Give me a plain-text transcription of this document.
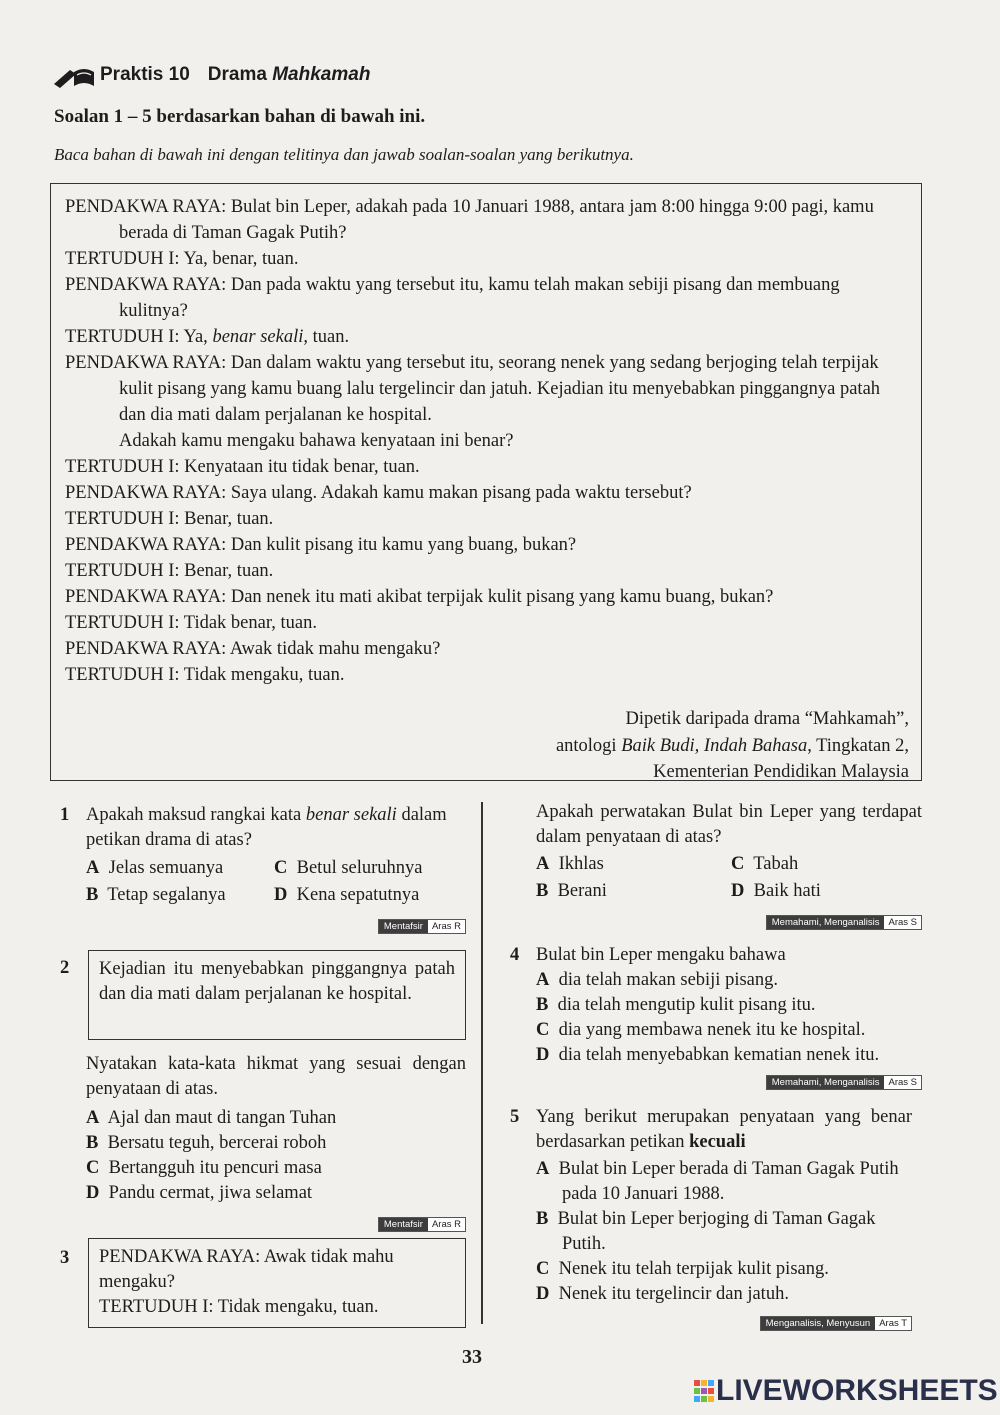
Praktis 10 Drama Mahkamah
Soalan 1 – 5 berdasarkan bahan di bawah ini.
Baca bahan di bawah ini dengan telitinya dan jawab soalan-soalan yang berikutnya.
PENDAKWA RAYA: Bulat bin Leper, adakah pada 10 Januari 1988, antara jam 8:00 hingga 9:00 pagi, kamu berada di Taman Gagak Putih?
TERTUDUH I: Ya, benar, tuan.
PENDAKWA RAYA: Dan pada waktu yang tersebut itu, kamu telah makan sebiji pisang dan membuang kulitnya?
TERTUDUH I: Ya, benar sekali, tuan.
PENDAKWA RAYA: Dan dalam waktu yang tersebut itu, seorang nenek yang sedang berjoging telah terpijak kulit pisang yang kamu buang lalu tergelincir dan jatuh. Kejadian itu menyebabkan pinggangnya patah dan dia mati dalam perjalanan ke hospital.
Adakah kamu mengaku bahawa kenyataan ini benar?
TERTUDUH I: Kenyataan itu tidak benar, tuan.
PENDAKWA RAYA: Saya ulang. Adakah kamu makan pisang pada waktu tersebut?
TERTUDUH I: Benar, tuan.
PENDAKWA RAYA: Dan kulit pisang itu kamu yang buang, bukan?
TERTUDUH I: Benar, tuan.
PENDAKWA RAYA: Dan nenek itu mati akibat terpijak kulit pisang yang kamu buang, bukan?
TERTUDUH I: Tidak benar, tuan.
PENDAKWA RAYA: Awak tidak mahu mengaku?
TERTUDUH I: Tidak mengaku, tuan.
Dipetik daripada drama “Mahkamah”,
antologi Baik Budi, Indah Bahasa, Tingkatan 2,
Kementerian Pendidikan Malaysia
1 Apakah maksud rangkai kata benar sekali dalam petikan drama di atas?
A Jelas semuanya	C Betul seluruhnya
B Tetap segalanya	D Kena sepatutnya
Mentafsir Aras R
2	Kejadian itu menyebabkan pinggangnya patah dan dia mati dalam perjalanan ke hospital.
Nyatakan kata-kata hikmat yang sesuai dengan penyataan di atas.
A Ajal dan maut di tangan Tuhan
B Bersatu teguh, bercerai roboh
C Bertangguh itu pencuri masa
D Pandu cermat, jiwa selamat
Mentafsir Aras R
3 PENDAKWA RAYA: Awak tidak mahu mengaku?
TERTUDUH I: Tidak mengaku, tuan.
Apakah perwatakan Bulat bin Leper yang terdapat dalam penyataan di atas?
A Ikhlas	C Tabah
B Berani	D Baik hati
Memahami, Menganalisis Aras S
4 Bulat bin Leper mengaku bahawa
A dia telah makan sebiji pisang.
B dia telah mengutip kulit pisang itu.
C dia yang membawa nenek itu ke hospital.
D dia telah menyebabkan kematian nenek itu.
Memahami, Menganalisis Aras S
5 Yang berikut merupakan penyataan yang benar berdasarkan petikan kecuali
A Bulat bin Leper berada di Taman Gagak Putih pada 10 Januari 1988.
B Bulat bin Leper berjoging di Taman Gagak Putih.
C Nenek itu telah terpijak kulit pisang.
D Nenek itu tergelincir dan jatuh.
Menganalisis, Menyusun Aras T
33
LIVEWORKSHEETS
